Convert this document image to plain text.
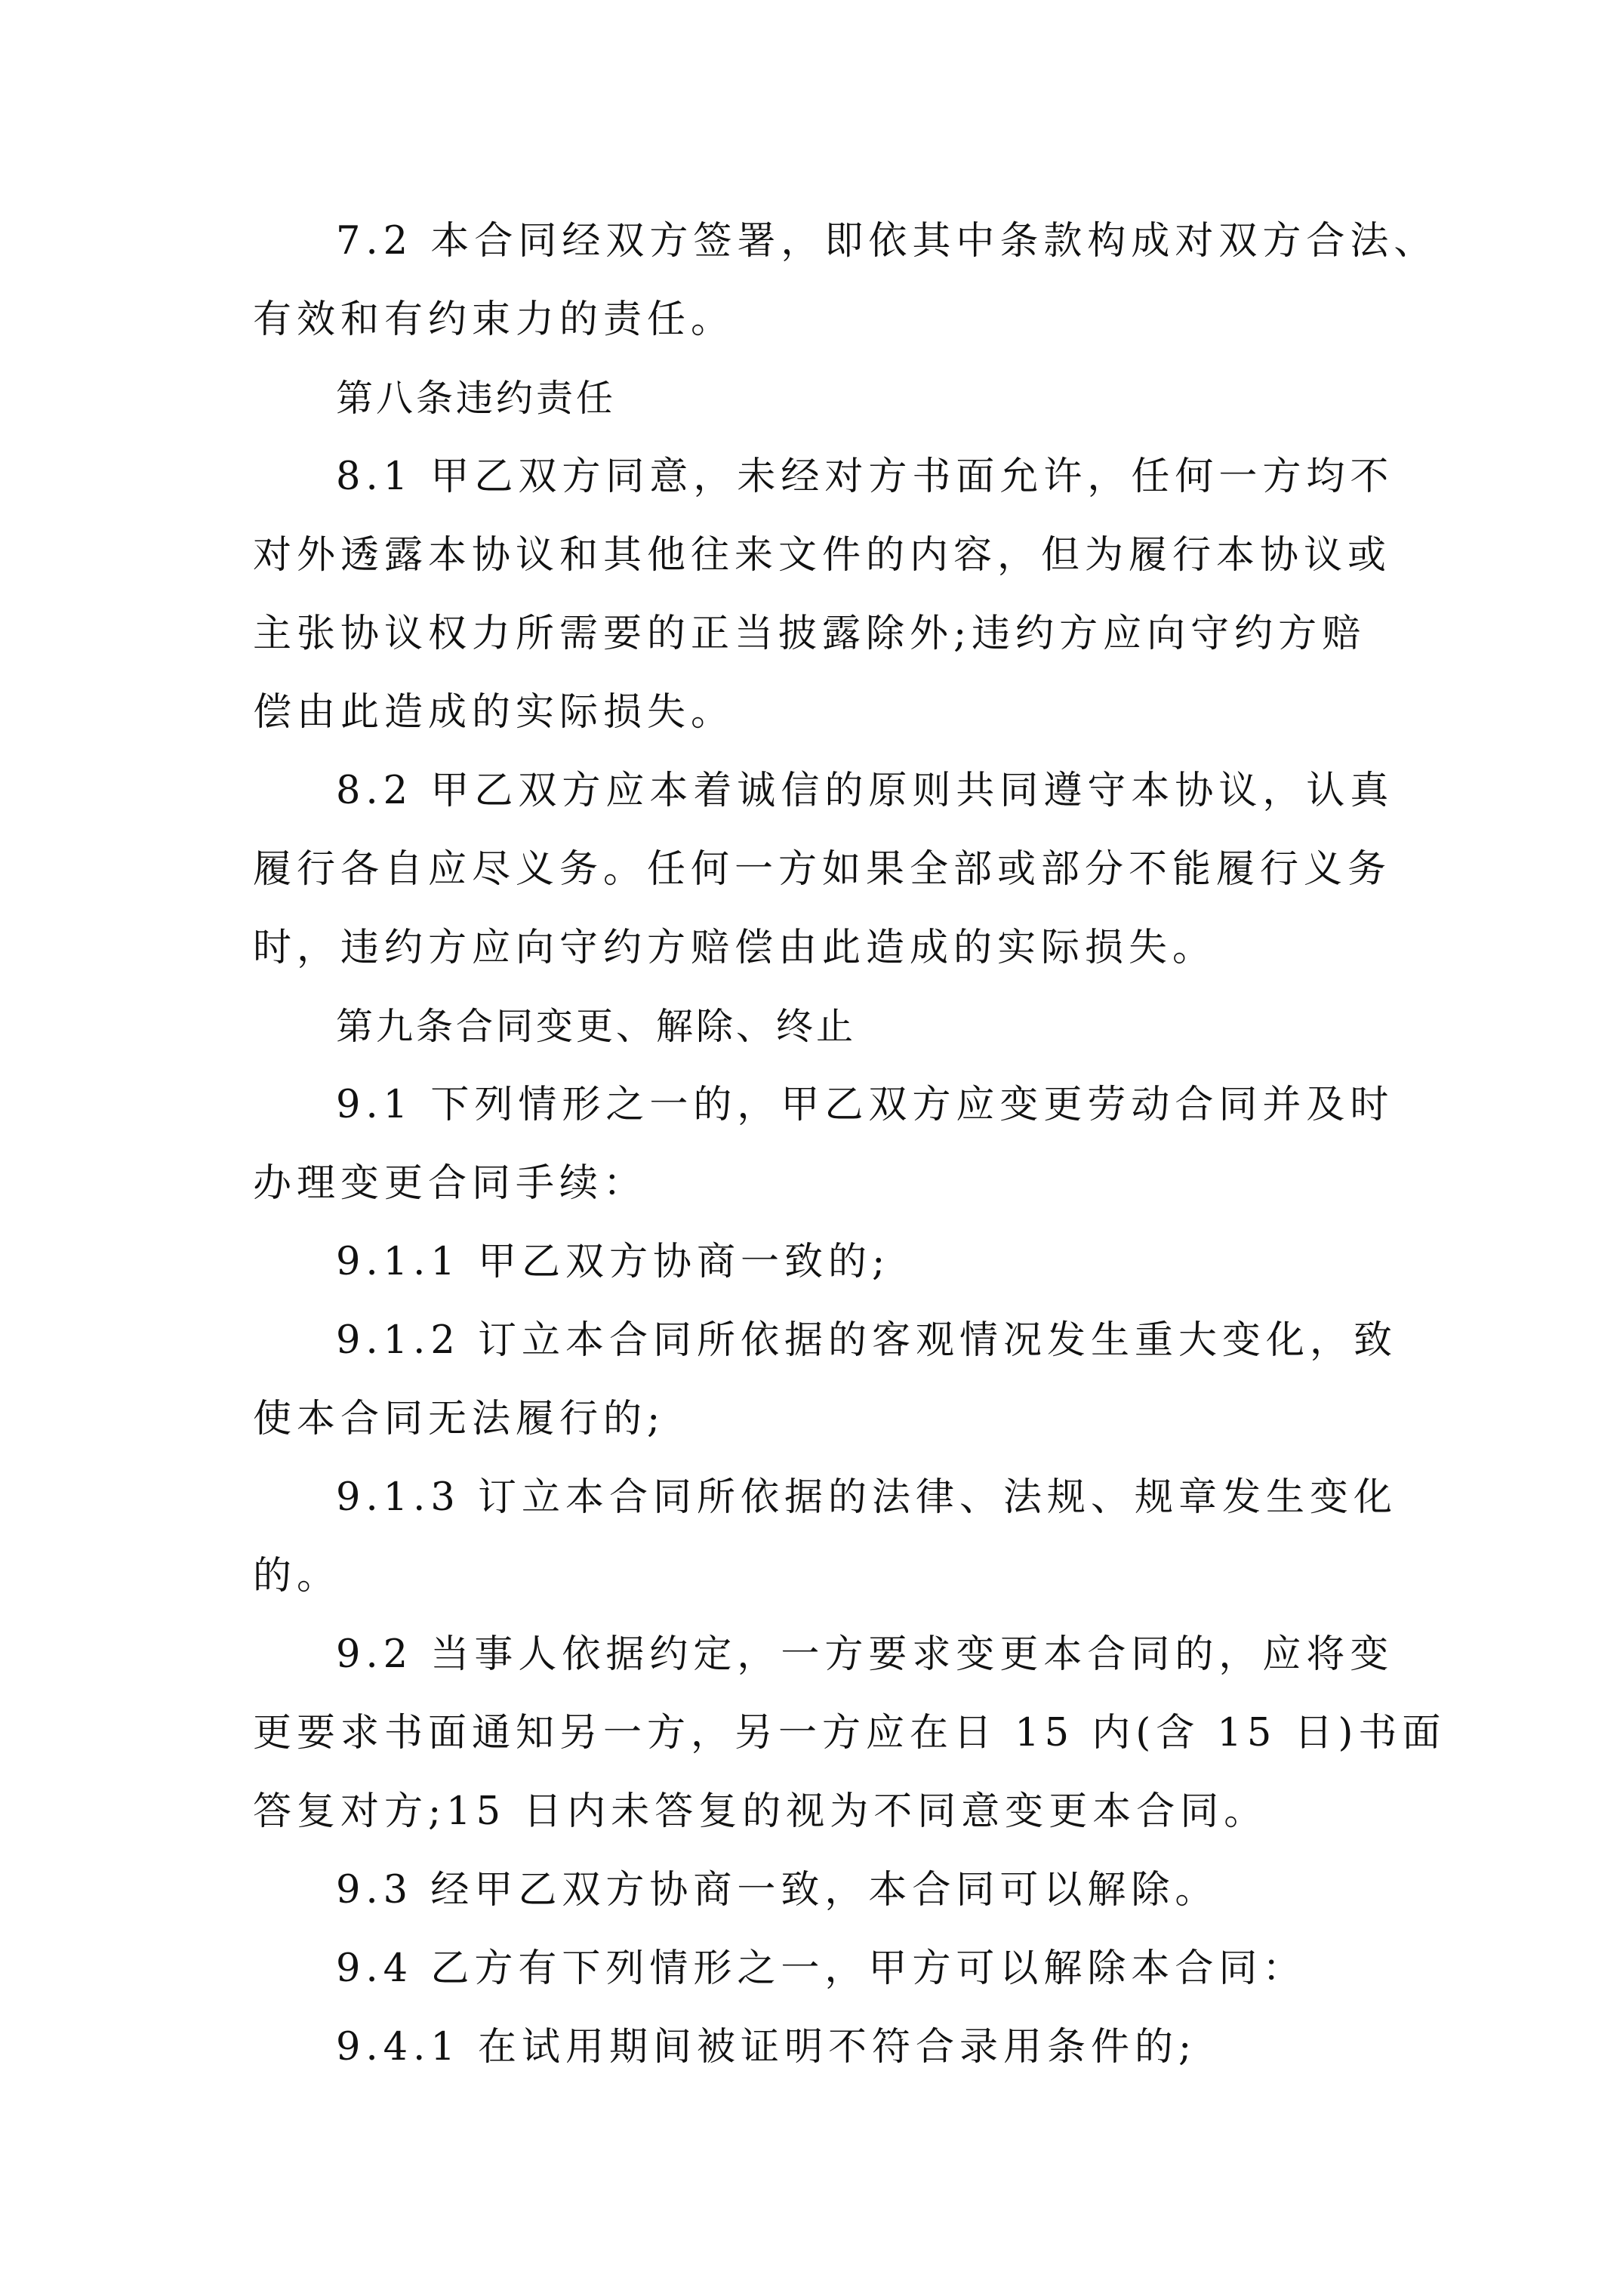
7.2 本合同经双方签署，即依其中条款构成对双方合法、
有效和有约束力的责任。
第八条违约责任
8.1 甲乙双方同意，未经对方书面允许，任何一方均不
对外透露本协议和其他往来文件的内容，但为履行本协议或
主张协议权力所需要的正当披露除外;违约方应向守约方赔
偿由此造成的实际损失。
8.2 甲乙双方应本着诚信的原则共同遵守本协议，认真
履行各自应尽义务。任何一方如果全部或部分不能履行义务
时，违约方应向守约方赔偿由此造成的实际损失。
第九条合同变更、解除、终止
9.1 下列情形之一的，甲乙双方应变更劳动合同并及时
办理变更合同手续：
9.1.1 甲乙双方协商一致的;
9.1.2 订立本合同所依据的客观情况发生重大变化，致
使本合同无法履行的;
9.1.3 订立本合同所依据的法律、法规、规章发生变化
的。
9.2 当事人依据约定，一方要求变更本合同的，应将变
更要求书面通知另一方，另一方应在日 15 内(含 15 日)书面
答复对方;15 日内未答复的视为不同意变更本合同。
9.3 经甲乙双方协商一致，本合同可以解除。
9.4 乙方有下列情形之一，甲方可以解除本合同：
9.4.1 在试用期间被证明不符合录用条件的;
